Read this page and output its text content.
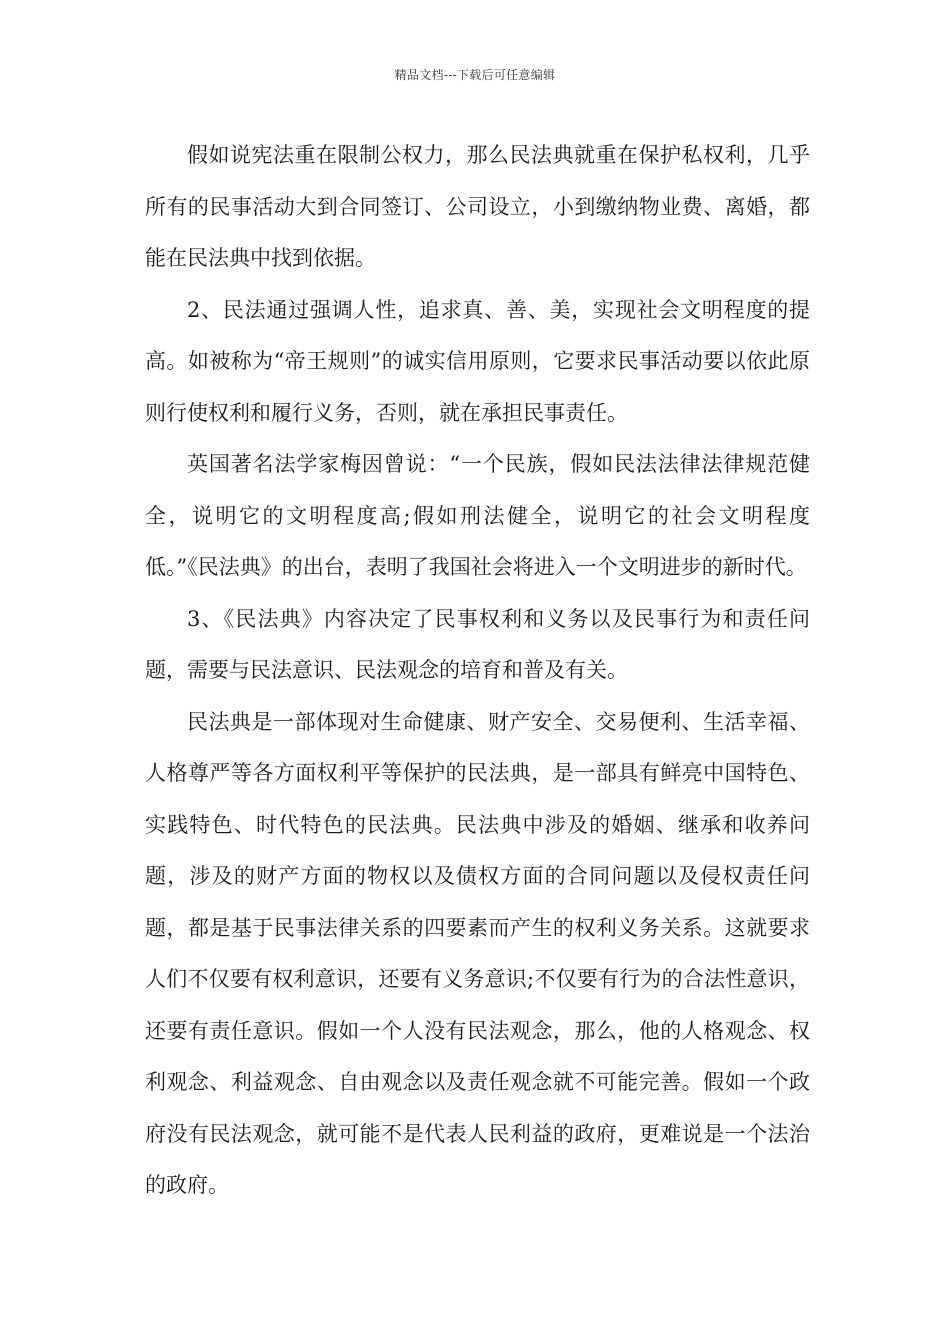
精品文档---下载后可任意编辑

假如说宪法重在限制公权力，那么民法典就重在保护私权利，几乎所有的民事活动大到合同签订、公司设立，小到缴纳物业费、离婚，都能在民法典中找到依据。

2、民法通过强调人性，追求真、善、美，实现社会文明程度的提高。如被称为“帝王规则”的诚实信用原则，它要求民事活动要以依此原则行使权利和履行义务，否则，就在承担民事责任。

英国著名法学家梅因曾说：“一个民族，假如民法法律法律规范健全，说明它的文明程度高;假如刑法健全，说明它的社会文明程度低。”《民法典》的出台，表明了我国社会将进入一个文明进步的新时代。

3、《民法典》内容决定了民事权利和义务以及民事行为和责任问题，需要与民法意识、民法观念的培育和普及有关。

民法典是一部体现对生命健康、财产安全、交易便利、生活幸福、人格尊严等各方面权利平等保护的民法典，是一部具有鲜亮中国特色、实践特色、时代特色的民法典。民法典中涉及的婚姻、继承和收养问题，涉及的财产方面的物权以及债权方面的合同问题以及侵权责任问题，都是基于民事法律关系的四要素而产生的权利义务关系。这就要求人们不仅要有权利意识，还要有义务意识;不仅要有行为的合法性意识，还要有责任意识。假如一个人没有民法观念，那么，他的人格观念、权利观念、利益观念、自由观念以及责任观念就不可能完善。假如一个政府没有民法观念，就可能不是代表人民利益的政府，更难说是一个法治的政府。
